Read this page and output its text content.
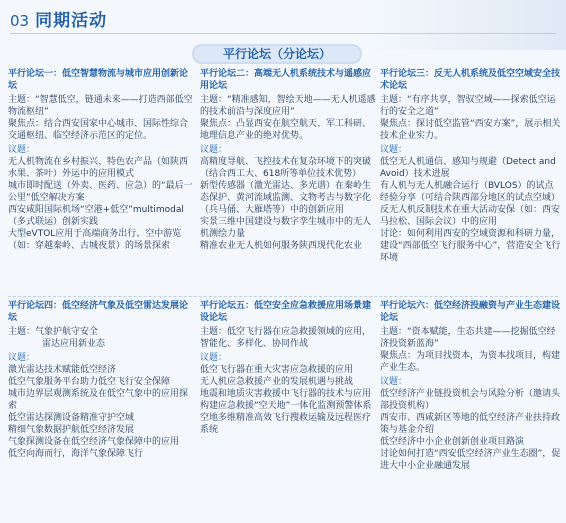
03 同期活动
平行论坛（分论坛）
平行论坛一：低空智慧物流与城市应用创新论坛
主题：“智慧低空，链通未来——打造西部低空物流枢纽”
聚焦点：结合西安国家中心城市、国际性综合交通枢纽、临空经济示范区的定位。
议题：
无人机物流在乡村振兴、特色农产品（如陕西水果、茶叶）外运中的应用模式
城市即时配送（外卖、医药、应急）的“最后一公里”低空解决方案
西安咸阳国际机场“空港+低空”multimodal（多式联运）创新实践
大型eVTOL应用于高端商务出行、空中游览（如：穿越秦岭、古城夜景）的场景探索
平行论坛二：高端无人机系统技术与遥感应用论坛
主题：“精准感知，智绘天地——无人机遥感的技术前沿与深度应用”
聚焦点：凸显西安在航空航天、军工科研、地理信息产业的绝对优势。
议题：
高精度导航、飞控技术在复杂环境下的突破（结合西工大、618所等单位技术优势）
新型传感器（激光雷达、多光谱）在秦岭生态保护、黄河流域监测、文物考古与数字化（兵马俑、大雁塔等）中的创新应用
实景三维中国建设与数字孪生城市中的无人机测绘力量
精准农业无人机如何服务陕西现代化农业
平行论坛三：反无人机系统及低空空域安全技术论坛
主题：“有序共享，智驭空域——探索低空运行的安全之道”
聚焦点：探讨低空监管“西安方案”，展示相关技术企业实力。
议题：
低空无人机通信、感知与规避（Detect and Avoid）技术进展
有人机与无人机融合运行（BVLOS）的试点经验分享（可结合陕西部分地区的试点空域）
反无人机反制技术在重大活动安保（如：西安马拉松、国际会议）中的应用
讨论：如何利用西安的空域资源和科研力量，建设“西部低空飞行服务中心”，营造安全飞行环境
平行论坛四：低空经济气象及低空雷达发展论坛
主题：气象护航守安全
雷达应用新业态
议题：
激光雷达技术赋能低空经济
低空气象服务平台助力低空飞行安全保障
城市边界层观测系统及在低空气象中的应用探索
低空雷达探测设备精准守护空域
精细气象数据护航低空经济发展
气象探测设备在低空经济气象保障中的应用
低空向海而行，海洋气象保障飞行
平行论坛五：低空安全应急救援应用场景建设论坛
主题：低空飞行器在应急救援领域的应用，智能化、多样化、协同作战
议题：
低空飞行器在重大灾害应急救援的应用
无人机应急救援产业的发展机遇与挑战
地震和地质灾害救援中飞行器的技术与应用
构建应急救援“空天地”一体化监测预警体系
空地多维精准高效飞行搜救运输及远程医疗系统
平行论坛六：低空经济投融资与产业生态建设论坛
主题：“资本赋能，生态共建——挖掘低空经济投资新蓝海”
聚焦点：为项目找资本，为资本找项目，构建产业生态。
议题：
低空经济产业链投资机会与风险分析（邀请头部投资机构）
西安市、西咸新区等地的低空经济产业扶持政策与基金介绍
低空经济中小企业创新创业项目路演
讨论如何打造“西安低空经济产业生态圈”，促进大中小企业融通发展
